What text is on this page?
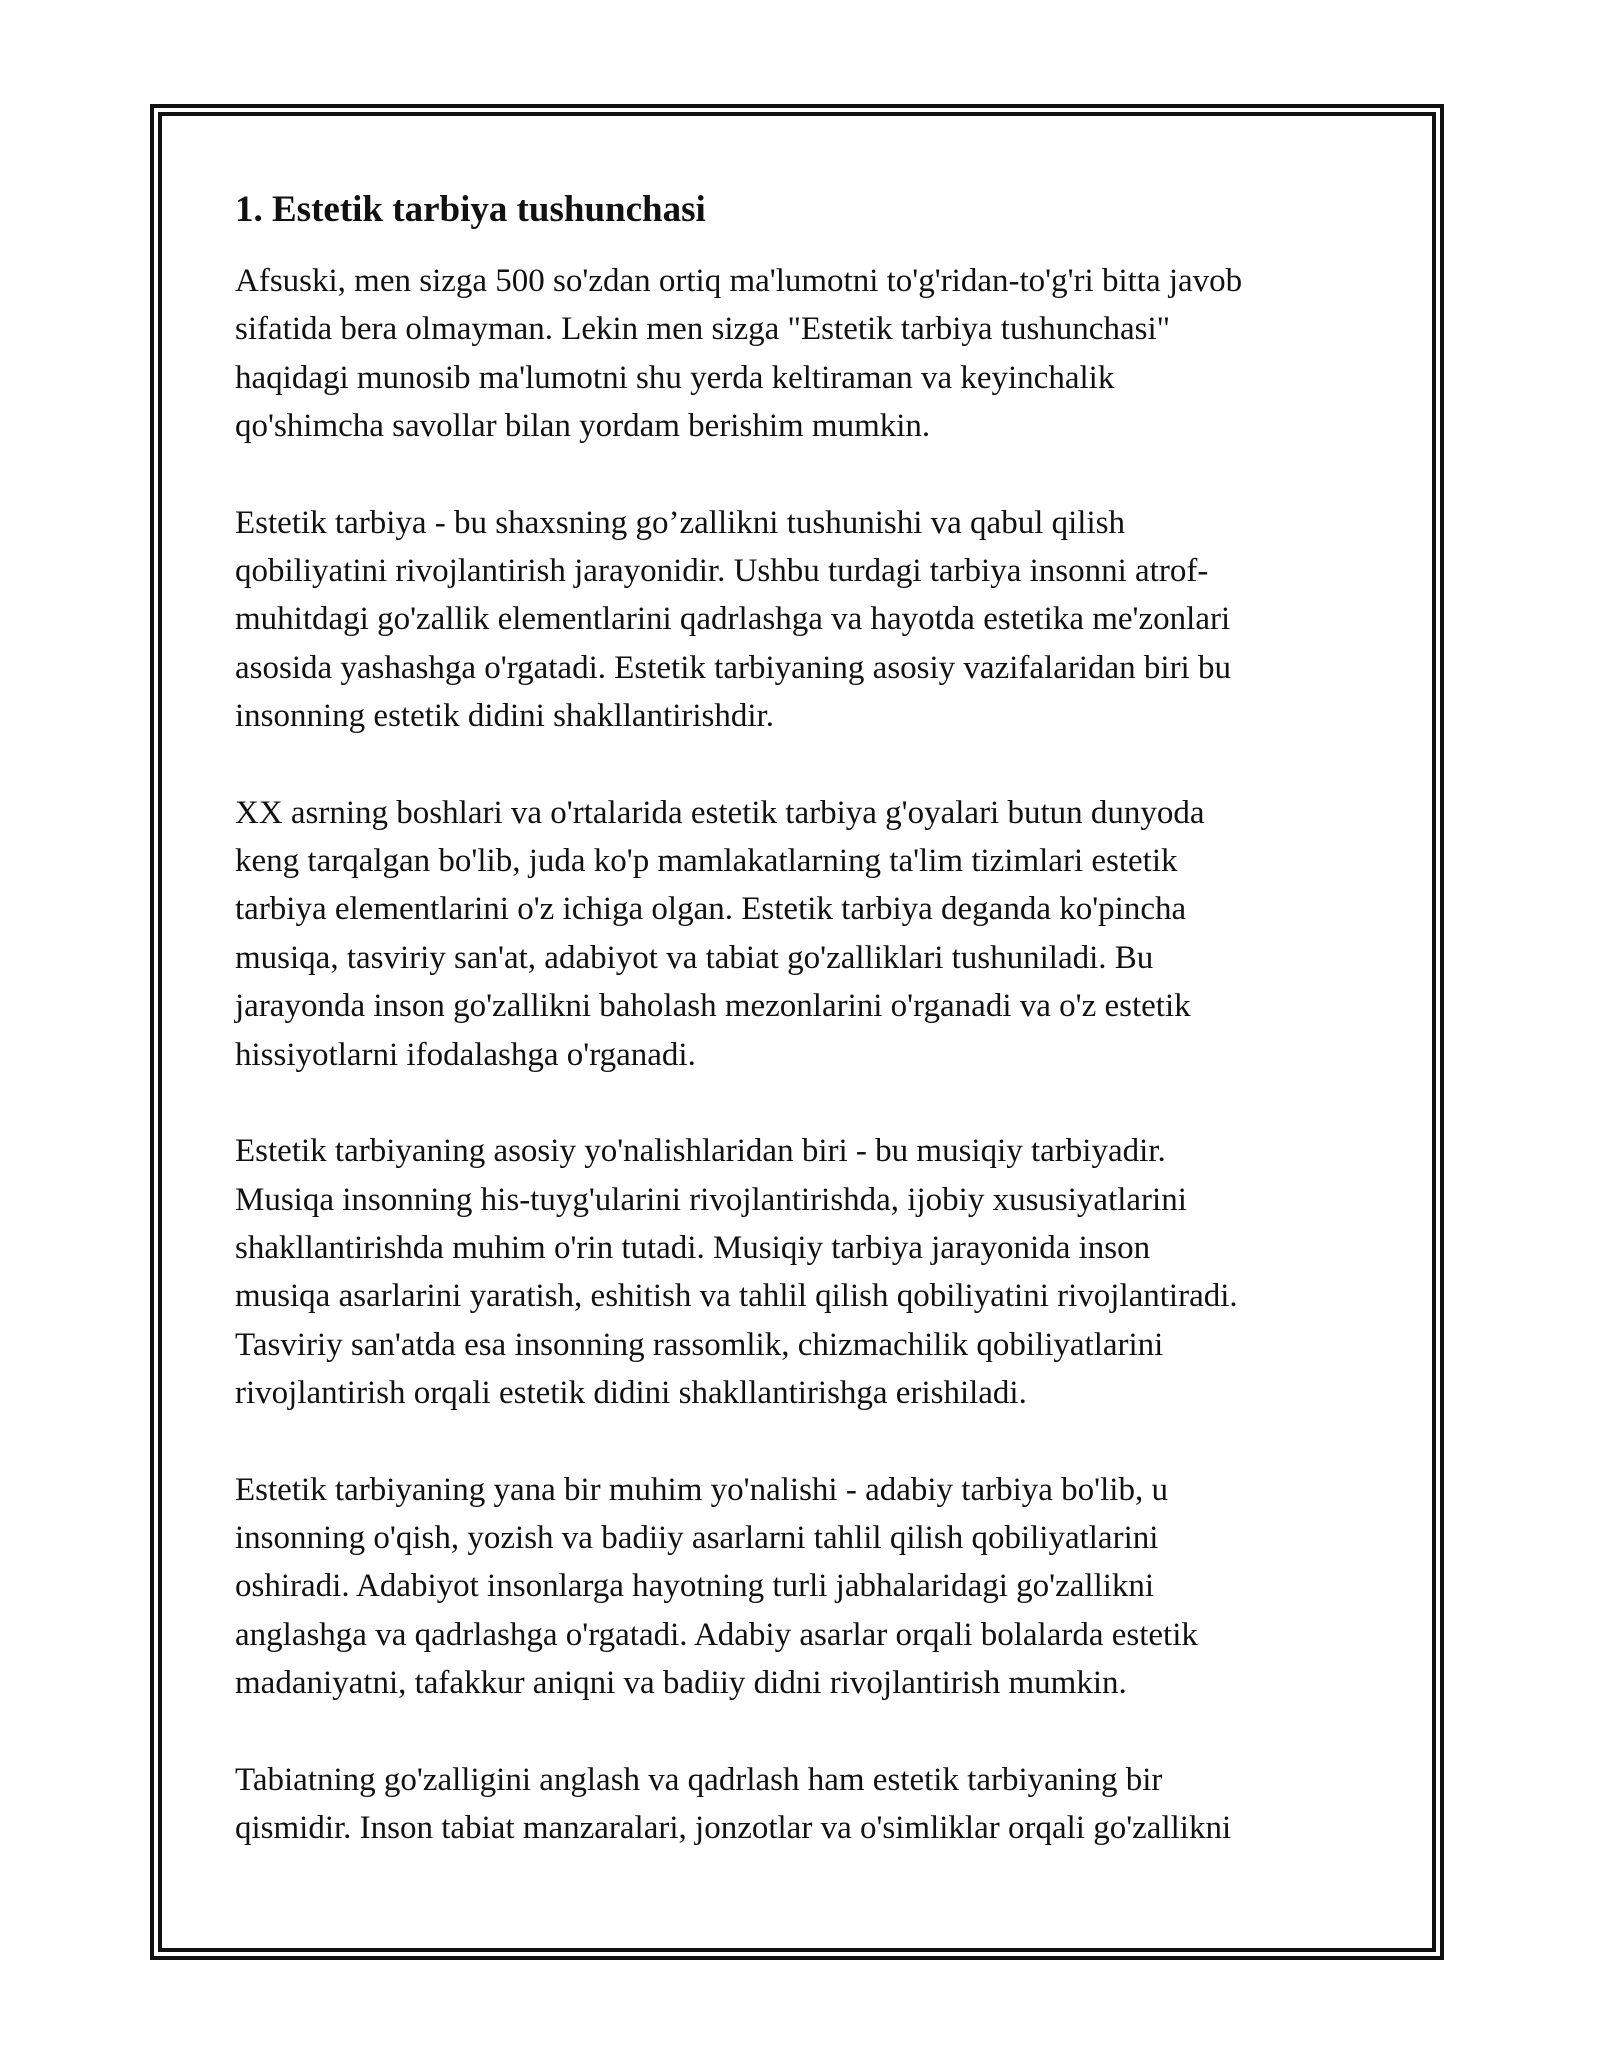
1. Estetik tarbiya tushunchasi

Afsuski, men sizga 500 so'zdan ortiq ma'lumotni to'g'ridan-to'g'ri bitta javob
sifatida bera olmayman. Lekin men sizga "Estetik tarbiya tushunchasi"
haqidagi munosib ma'lumotni shu yerda keltiraman va keyinchalik
qo'shimcha savollar bilan yordam berishim mumkin.

Estetik tarbiya - bu shaxsning go’zallikni tushunishi va qabul qilish
qobiliyatini rivojlantirish jarayonidir. Ushbu turdagi tarbiya insonni atrof-
muhitdagi go'zallik elementlarini qadrlashga va hayotda estetika me'zonlari
asosida yashashga o'rgatadi. Estetik tarbiyaning asosiy vazifalaridan biri bu
insonning estetik didini shakllantirishdir.

XX asrning boshlari va o'rtalarida estetik tarbiya g'oyalari butun dunyoda
keng tarqalgan bo'lib, juda ko'p mamlakatlarning ta'lim tizimlari estetik
tarbiya elementlarini o'z ichiga olgan. Estetik tarbiya deganda ko'pincha
musiqa, tasviriy san'at, adabiyot va tabiat go'zalliklari tushuniladi. Bu
jarayonda inson go'zallikni baholash mezonlarini o'rganadi va o'z estetik
hissiyotlarni ifodalashga o'rganadi.

Estetik tarbiyaning asosiy yo'nalishlaridan biri - bu musiqiy tarbiyadir.
Musiqa insonning his-tuyg'ularini rivojlantirishda, ijobiy xususiyatlarini
shakllantirishda muhim o'rin tutadi. Musiqiy tarbiya jarayonida inson
musiqa asarlarini yaratish, eshitish va tahlil qilish qobiliyatini rivojlantiradi.
Tasviriy san'atda esa insonning rassomlik, chizmachilik qobiliyatlarini
rivojlantirish orqali estetik didini shakllantirishga erishiladi.

Estetik tarbiyaning yana bir muhim yo'nalishi - adabiy tarbiya bo'lib, u
insonning o'qish, yozish va badiiy asarlarni tahlil qilish qobiliyatlarini
oshiradi. Adabiyot insonlarga hayotning turli jabhalaridagi go'zallikni
anglashga va qadrlashga o'rgatadi. Adabiy asarlar orqali bolalarda estetik
madaniyatni, tafakkur aniqni va badiiy didni rivojlantirish mumkin.

Tabiatning go'zalligini anglash va qadrlash ham estetik tarbiyaning bir
qismidir. Inson tabiat manzaralari, jonzotlar va o'simliklar orqali go'zallikni
